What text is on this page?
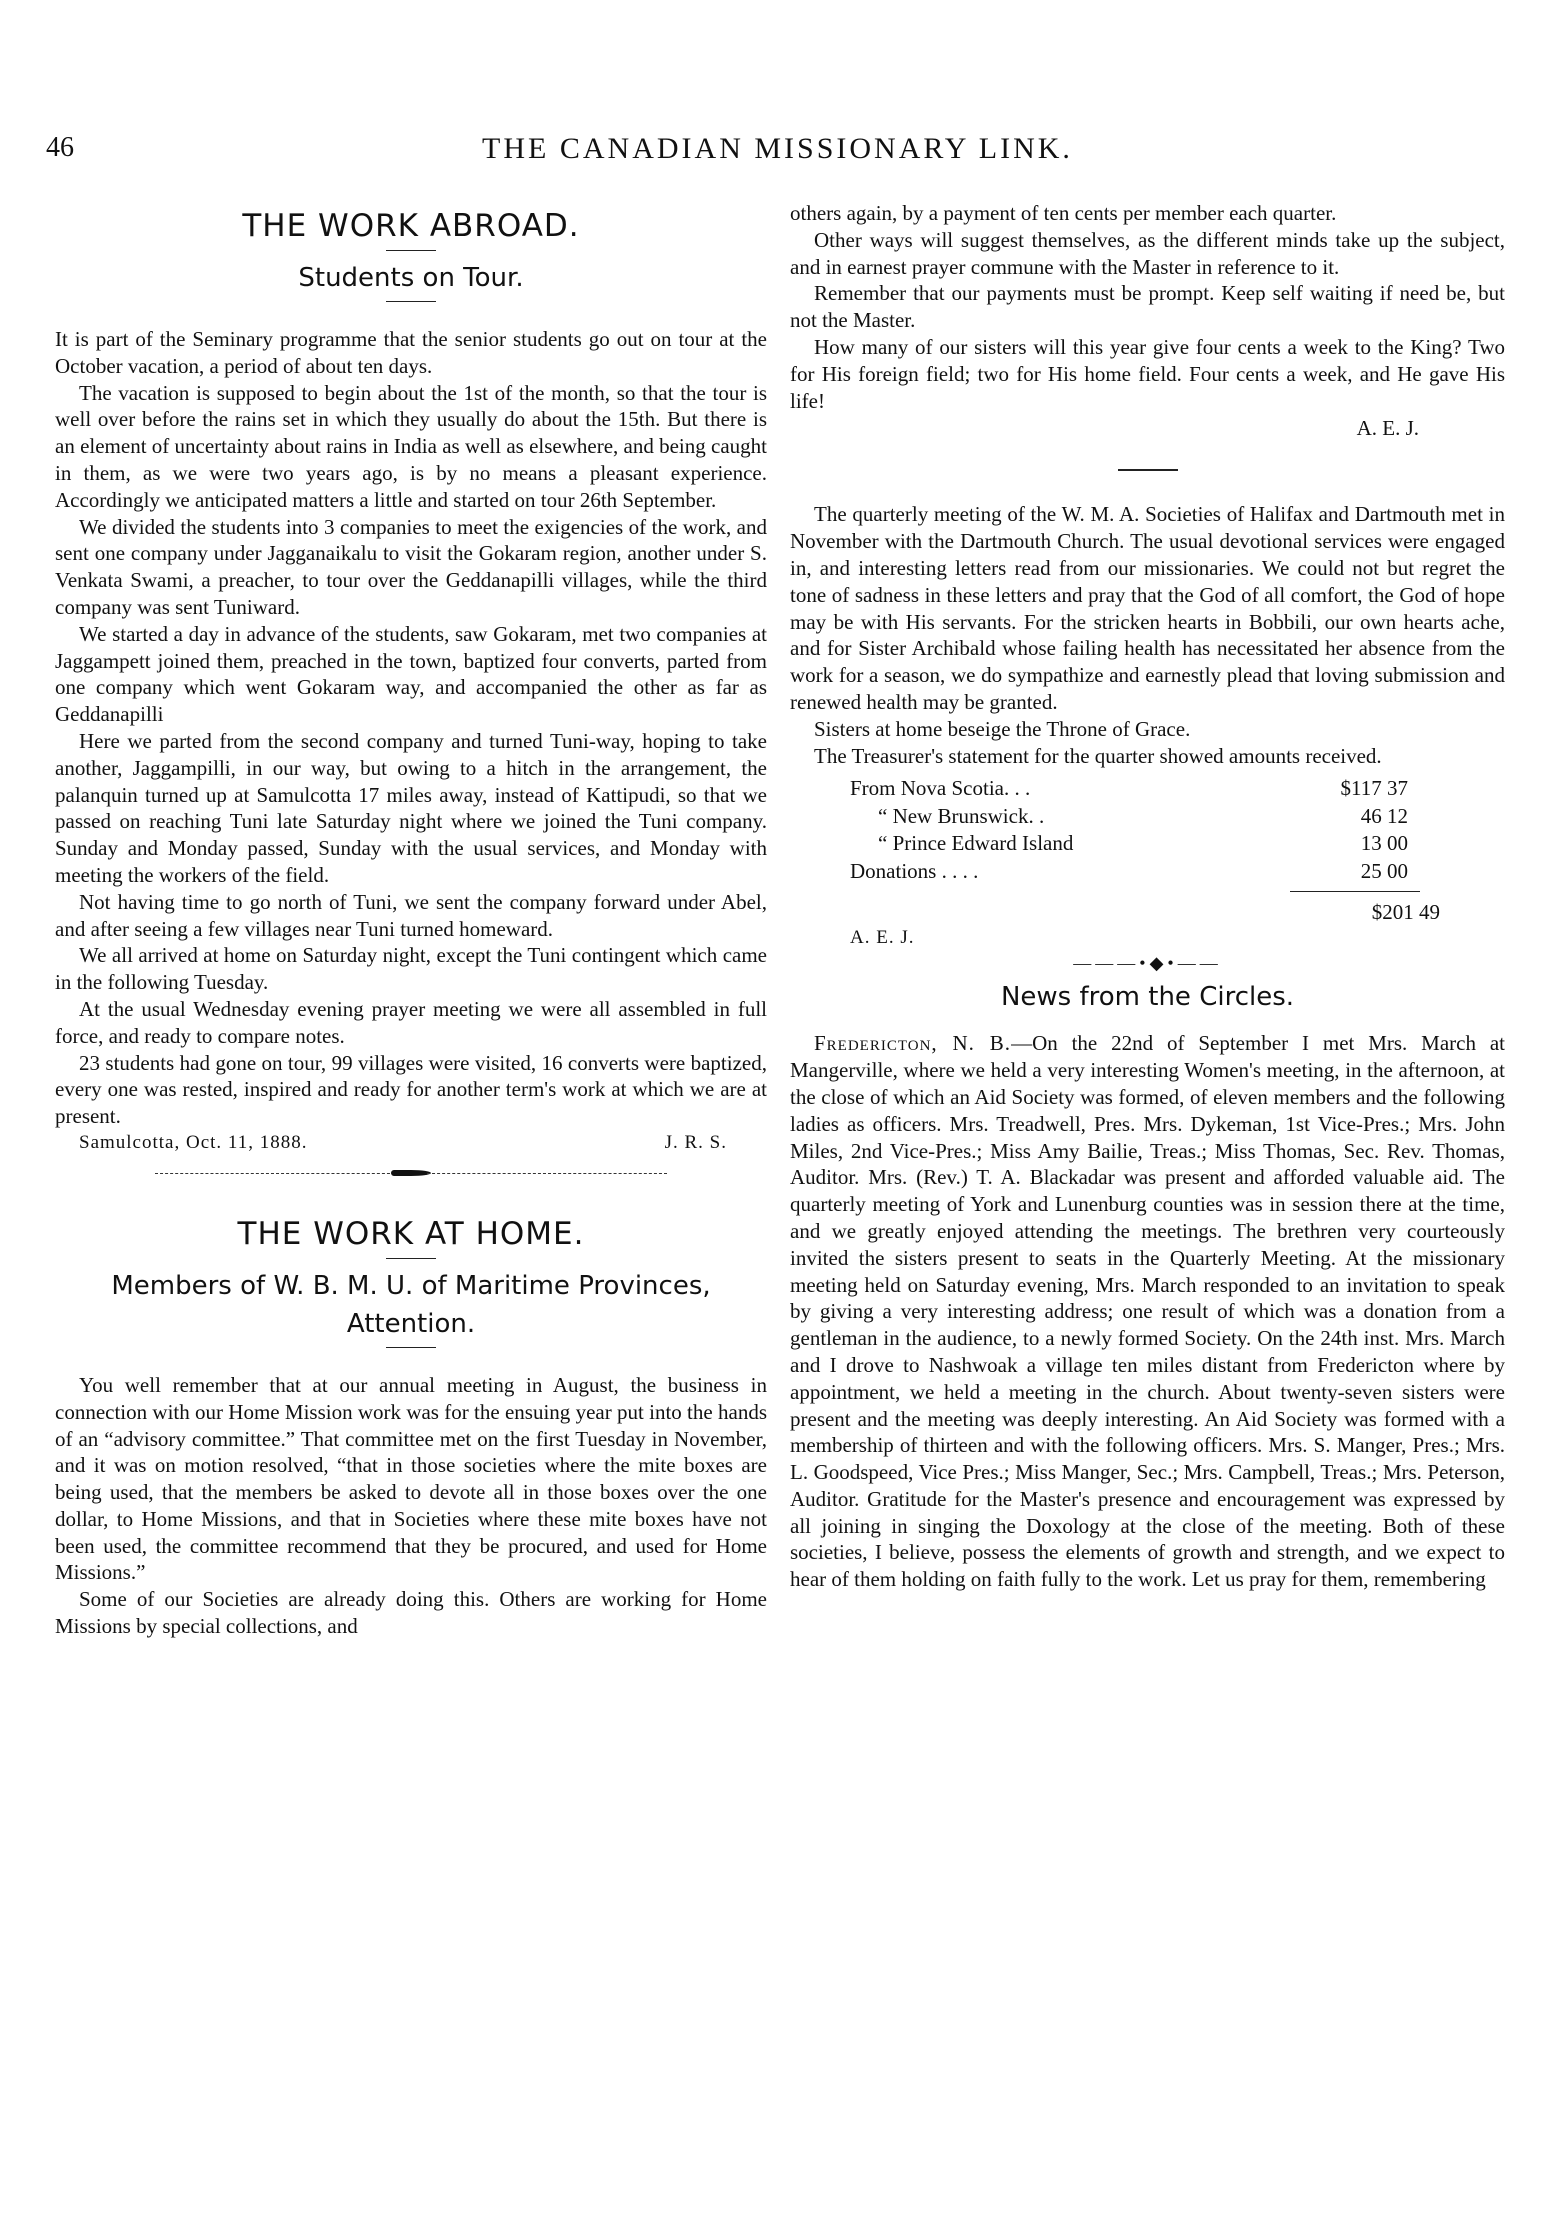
46	THE CANADIAN MISSIONARY LINK.
THE WORK ABROAD.
Students on Tour.

It is part of the Seminary programme that the senior students go out on tour at the October vacation, a period of about ten days.

The vacation is supposed to begin about the 1st of the month, so that the tour is well over before the rains set in which they usually do about the 15th. But there is an element of uncertainty about rains in India as well as elsewhere, and being caught in them, as we were two years ago, is by no means a pleasant experience. Accordingly we anticipated matters a little and started on tour 26th September.

We divided the students into 3 companies to meet the exigencies of the work, and sent one company under Jagganaikalu to visit the Gokaram region, another under S. Venkata Swami, a preacher, to tour over the Geddanapilli villages, while the third company was sent Tuniward.

We started a day in advance of the students, saw Gokaram, met two companies at Jaggampett joined them, preached in the town, baptized four converts, parted from one company which went Gokaram way, and accompanied the other as far as Geddanapilli

Here we parted from the second company and turned Tuni-way, hoping to take another, Jaggampilli, in our way, but owing to a hitch in the arrangement, the palanquin turned up at Samulcotta 17 miles away, instead of Kattipudi, so that we passed on reaching Tuni late Saturday night where we joined the Tuni company. Sunday and Monday passed, Sunday with the usual services, and Monday with meeting the workers of the field.

Not having time to go north of Tuni, we sent the company forward under Abel, and after seeing a few villages near Tuni turned homeward.

We all arrived at home on Saturday night, except the Tuni contingent which came in the following Tuesday.

At the usual Wednesday evening prayer meeting we were all assembled in full force, and ready to compare notes.

23 students had gone on tour, 99 villages were visited, 16 converts were baptized, every one was rested, inspired and ready for another term's work at which we are at present.

Samulcotta, Oct. 11, 1888.	J. R. S.
THE WORK AT HOME.
Members of W. B. M. U. of Maritime Provinces, Attention.

You well remember that at our annual meeting in August, the business in connection with our Home Mission work was for the ensuing year put into the hands of an “advisory committee.” That committee met on the first Tuesday in November, and it was on motion resolved, “that in those societies where the mite boxes are being used, that the members be asked to devote all in those boxes over the one dollar, to Home Missions, and that in Societies where these mite boxes have not been used, the committee recommend that they be procured, and used for Home Missions.”

Some of our Societies are already doing this. Others are working for Home Missions by special collections, and

others again, by a payment of ten cents per member each quarter.

Other ways will suggest themselves, as the different minds take up the subject, and in earnest prayer commune with the Master in reference to it.

Remember that our payments must be prompt. Keep self waiting if need be, but not the Master.

How many of our sisters will this year give four cents a week to the King? Two for His foreign field; two for His home field. Four cents a week, and He gave His life!

A. E. J.

The quarterly meeting of the W. M. A. Societies of Halifax and Dartmouth met in November with the Dartmouth Church. The usual devotional services were engaged in, and interesting letters read from our missionaries. We could not but regret the tone of sadness in these letters and pray that the God of all comfort, the God of hope may be with His servants. For the stricken hearts in Bobbili, our own hearts ache, and for Sister Archibald whose failing health has necessitated her absence from the work for a season, we do sympathize and earnestly plead that loving submission and renewed health may be granted.

Sisters at home beseige the Throne of Grace.

The Treasurer's statement for the quarter showed amounts received.

From Nova Scotia. . .	$117 37
“ New Brunswick. .	46 12
“ Prince Edward Island	13 00
Donations . . . .	25 00
$201 49
A. E. J.
———•◆•——
News from the Circles.

Fredericton, N. B.—On the 22nd of September I met Mrs. March at Mangerville, where we held a very interesting Women's meeting, in the afternoon, at the close of which an Aid Society was formed, of eleven members and the following ladies as officers. Mrs. Treadwell, Pres. Mrs. Dykeman, 1st Vice-Pres.; Mrs. John Miles, 2nd Vice-Pres.; Miss Amy Bailie, Treas.; Miss Thomas, Sec. Rev. Thomas, Auditor. Mrs. (Rev.) T. A. Blackadar was present and afforded valuable aid. The quarterly meeting of York and Lunenburg counties was in session there at the time, and we greatly enjoyed attending the meetings. The brethren very courteously invited the sisters present to seats in the Quarterly Meeting. At the missionary meeting held on Saturday evening, Mrs. March responded to an invitation to speak by giving a very interesting address; one result of which was a donation from a gentleman in the audience, to a newly formed Society. On the 24th inst. Mrs. March and I drove to Nashwoak a village ten miles distant from Fredericton where by appointment, we held a meeting in the church. About twenty-seven sisters were present and the meeting was deeply interesting. An Aid Society was formed with a membership of thirteen and with the following officers. Mrs. S. Manger, Pres.; Mrs. L. Goodspeed, Vice Pres.; Miss Manger, Sec.; Mrs. Campbell, Treas.; Mrs. Peterson, Auditor. Gratitude for the Master's presence and encouragement was expressed by all joining in singing the Doxology at the close of the meeting. Both of these societies, I believe, possess the elements of growth and strength, and we expect to hear of them holding on faith fully to the work. Let us pray for them, remembering
